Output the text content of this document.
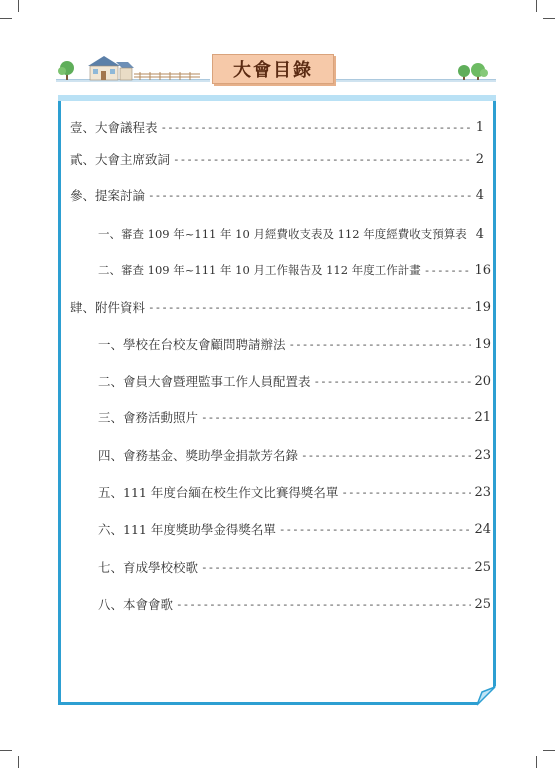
大會目錄
壹、大會議程表 -----	1
貳、大會主席致詞 -----	2
參、提案討論 -----	4
一、審查 109 年~111 年 10 月經費收支表及 112 年度經費收支預算表 ----- 4
二、審查 109 年~111 年 10 月工作報告及 112 年度工作計畫 -----	16
肆、附件資料 -----	19
一、學校在台校友會顧問聘請辦法 -----	19
二、會員大會暨理監事工作人員配置表 -----	20
三、會務活動照片 -----	21
四、會務基金、獎助學金捐款芳名錄 -----	23
五、111 年度台緬在校生作文比賽得獎名單 -----	23
六、111 年度獎助學金得獎名單 -----	24
七、育成學校校歌 -----	25
八、本會會歌 -----	25
